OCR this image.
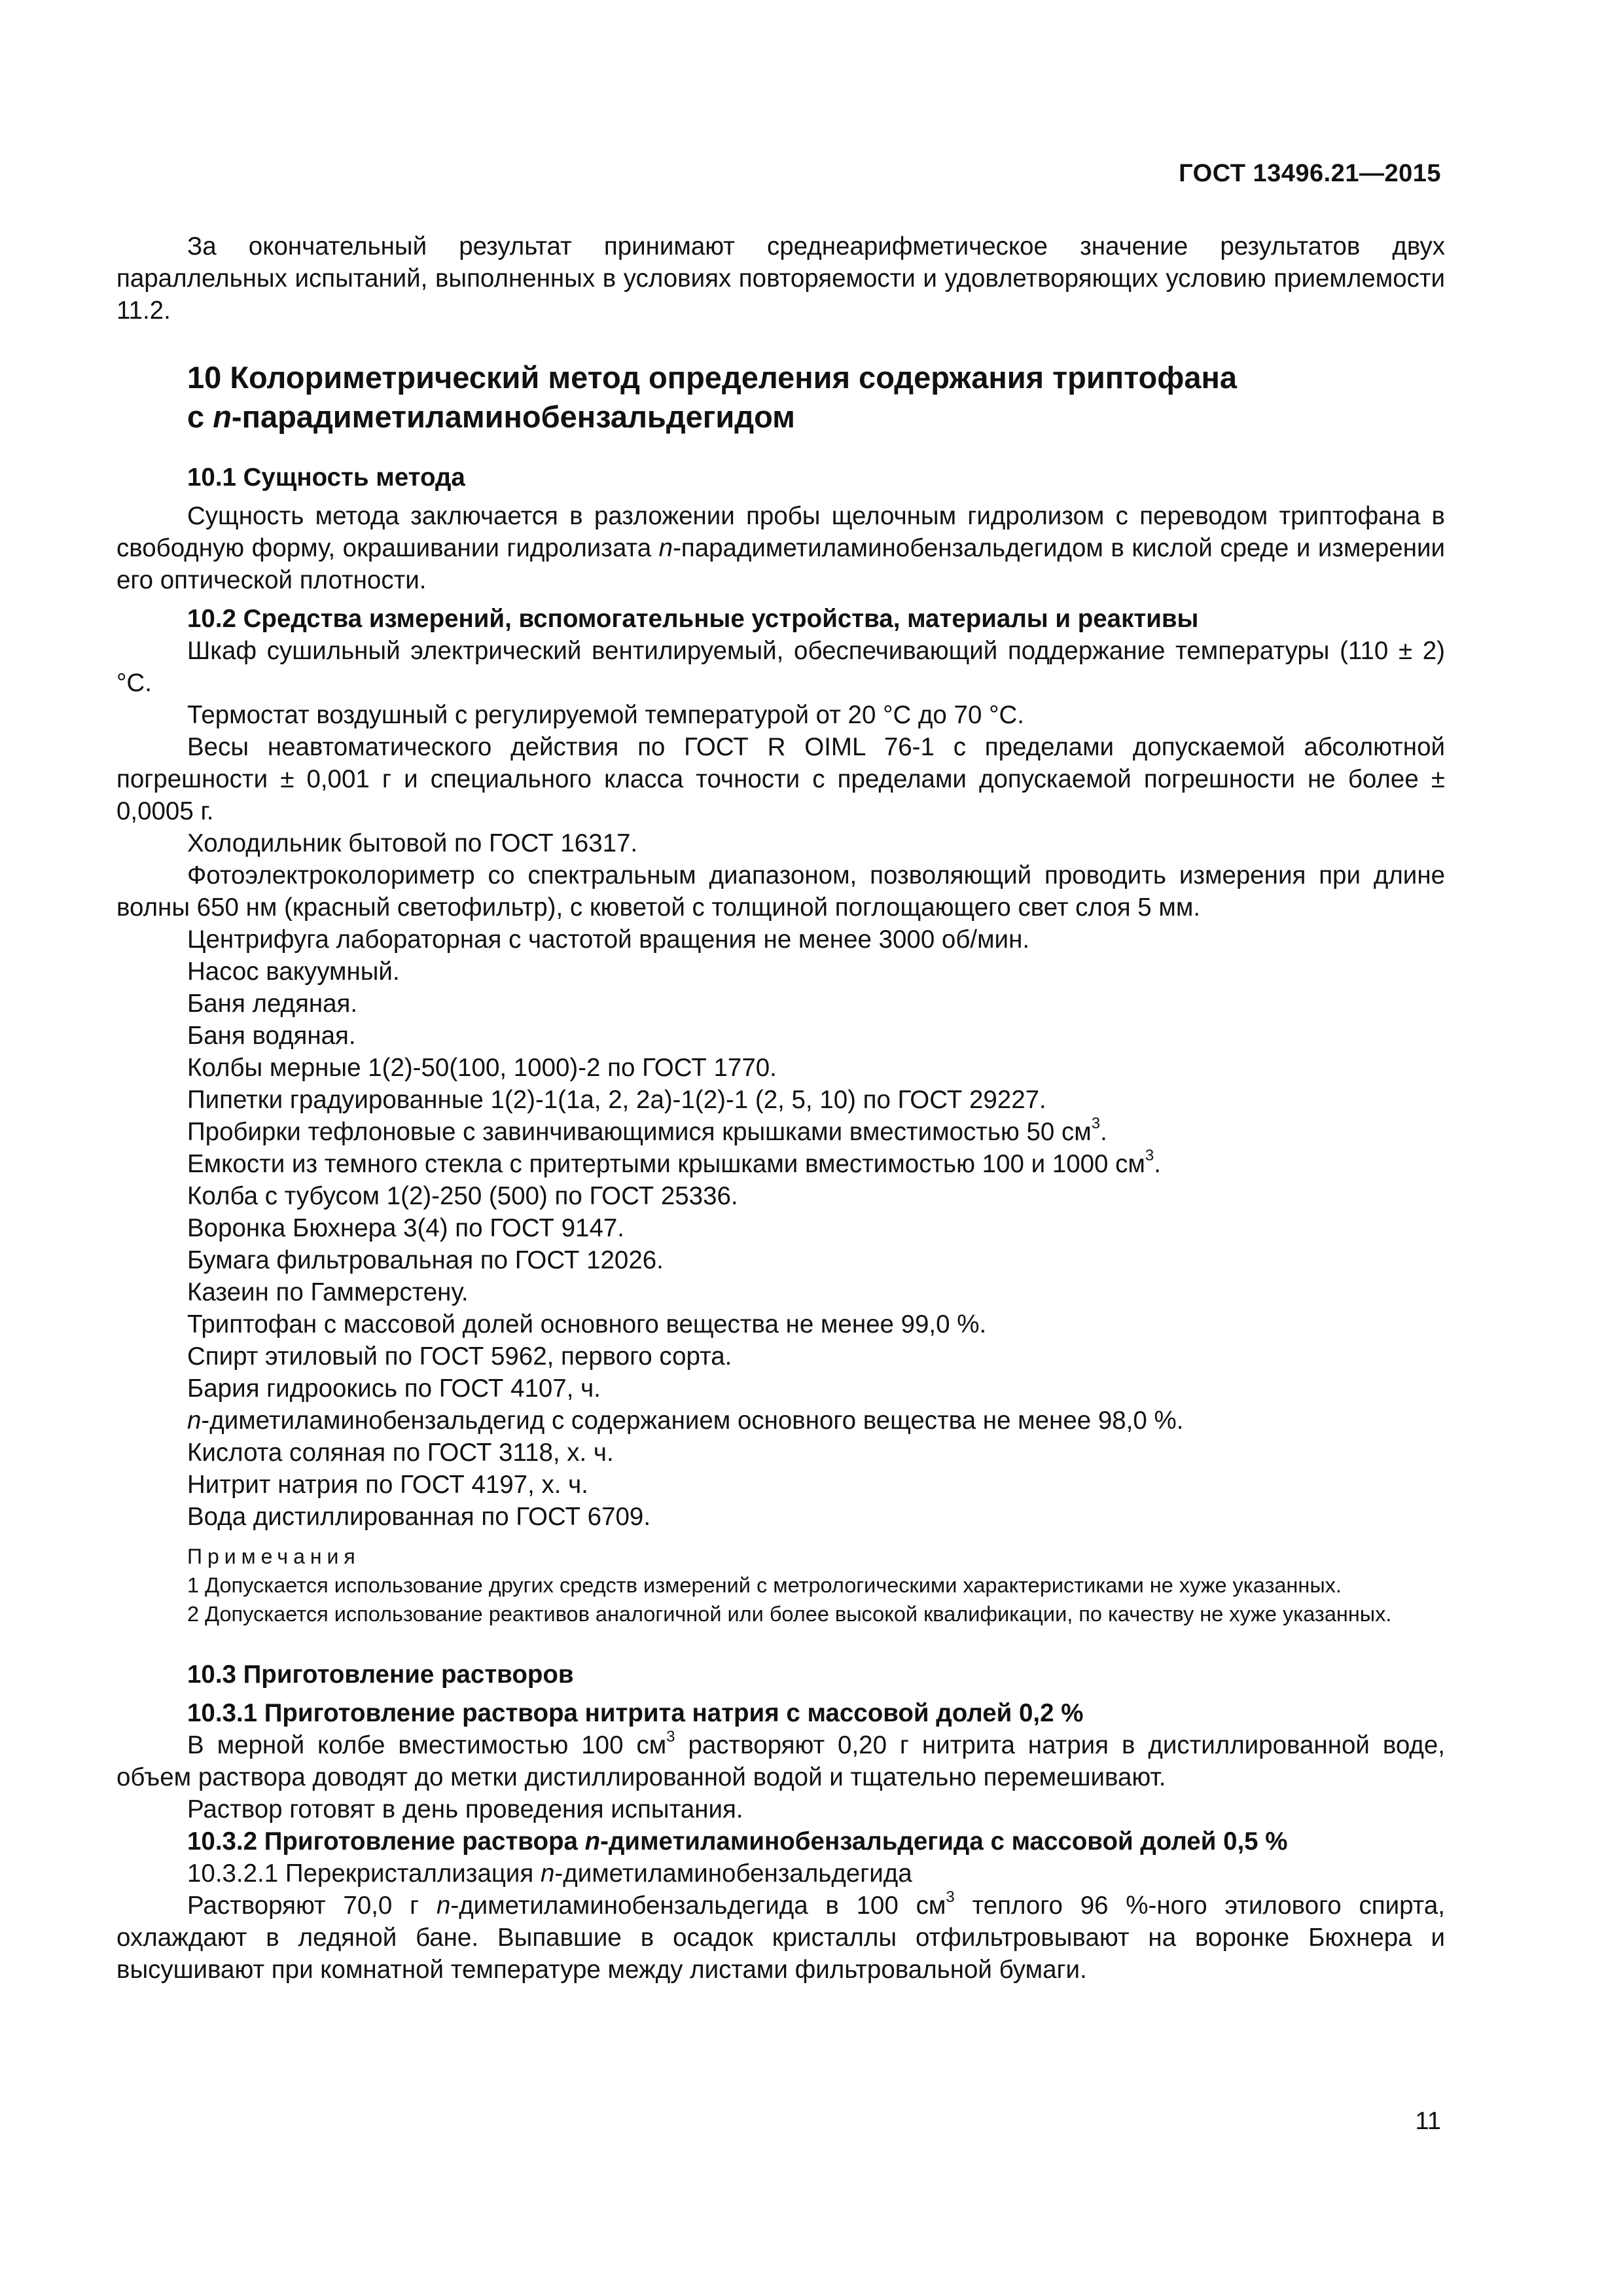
ГОСТ 13496.21—2015

За окончательный результат принимают среднеарифметическое значение результатов двух параллельных испытаний, выполненных в условиях повторяемости и удовлетворяющих условию приемлемости 11.2.

10 Колориметрический метод определения содержания триптофана
с n-парадиметиламинобензальдегидом

10.1 Сущность метода

Сущность метода заключается в разложении пробы щелочным гидролизом с переводом триптофана в свободную форму, окрашивании гидролизата n-парадиметиламинобензальдегидом в кислой среде и измерении его оптической плотности.

10.2 Средства измерений, вспомогательные устройства, материалы и реактивы

Шкаф сушильный электрический вентилируемый, обеспечивающий поддержание температуры (110 ± 2) °С.

Термостат воздушный с регулируемой температурой от 20 °С до 70 °С.

Весы неавтоматического действия по ГОСТ R OIML 76-1 с пределами допускаемой абсолютной погрешности ± 0,001 г и специального класса точности с пределами допускаемой погрешности не более ± 0,0005 г.

Холодильник бытовой по ГОСТ 16317.

Фотоэлектроколориметр со спектральным диапазоном, позволяющий проводить измерения при длине волны 650 нм (красный светофильтр), с кюветой с толщиной поглощающего свет слоя 5 мм.

Центрифуга лабораторная с частотой вращения не менее 3000 об/мин.

Насос вакуумный.

Баня ледяная.

Баня водяная.

Колбы мерные 1(2)-50(100, 1000)-2 по ГОСТ 1770.

Пипетки градуированные 1(2)-1(1а, 2, 2а)-1(2)-1 (2, 5, 10) по ГОСТ 29227.

Пробирки тефлоновые с завинчивающимися крышками вместимостью 50 $см^3$.

Емкости из темного стекла с притертыми крышками вместимостью 100 и 1000 $см^3$.

Колба с тубусом 1(2)-250 (500) по ГОСТ 25336.

Воронка Бюхнера 3(4) по ГОСТ 9147.

Бумага фильтровальная по ГОСТ 12026.

Казеин по Гаммерстену.

Триптофан с массовой долей основного вещества не менее 99,0 %.

Спирт этиловый по ГОСТ 5962, первого сорта.

Бария гидроокись по ГОСТ 4107, ч.

n-диметиламинобензальдегид с содержанием основного вещества не менее 98,0 %.

Кислота соляная по ГОСТ 3118, х. ч.

Нитрит натрия по ГОСТ 4197, х. ч.

Вода дистиллированная по ГОСТ 6709.

Примечания

1 Допускается использование других средств измерений с метрологическими характеристиками не хуже указанных.

2 Допускается использование реактивов аналогичной или более высокой квалификации, по качеству не хуже указанных.

10.3 Приготовление растворов

10.3.1 Приготовление раствора нитрита натрия с массовой долей 0,2 %

В мерной колбе вместимостью 100 $см^3$ растворяют 0,20 г нитрита натрия в дистиллированной воде, объем раствора доводят до метки дистиллированной водой и тщательно перемешивают.

Раствор готовят в день проведения испытания.

10.3.2 Приготовление раствора n-диметиламинобензальдегида с массовой долей 0,5 %

10.3.2.1 Перекристаллизация n-диметиламинобензальдегида

Растворяют 70,0 г n-диметиламинобензальдегида в 100 $см^3$ теплого 96 %-ного этилового спирта, охлаждают в ледяной бане. Выпавшие в осадок кристаллы отфильтровывают на воронке Бюхнера и высушивают при комнатной температуре между листами фильтровальной бумаги.

11
